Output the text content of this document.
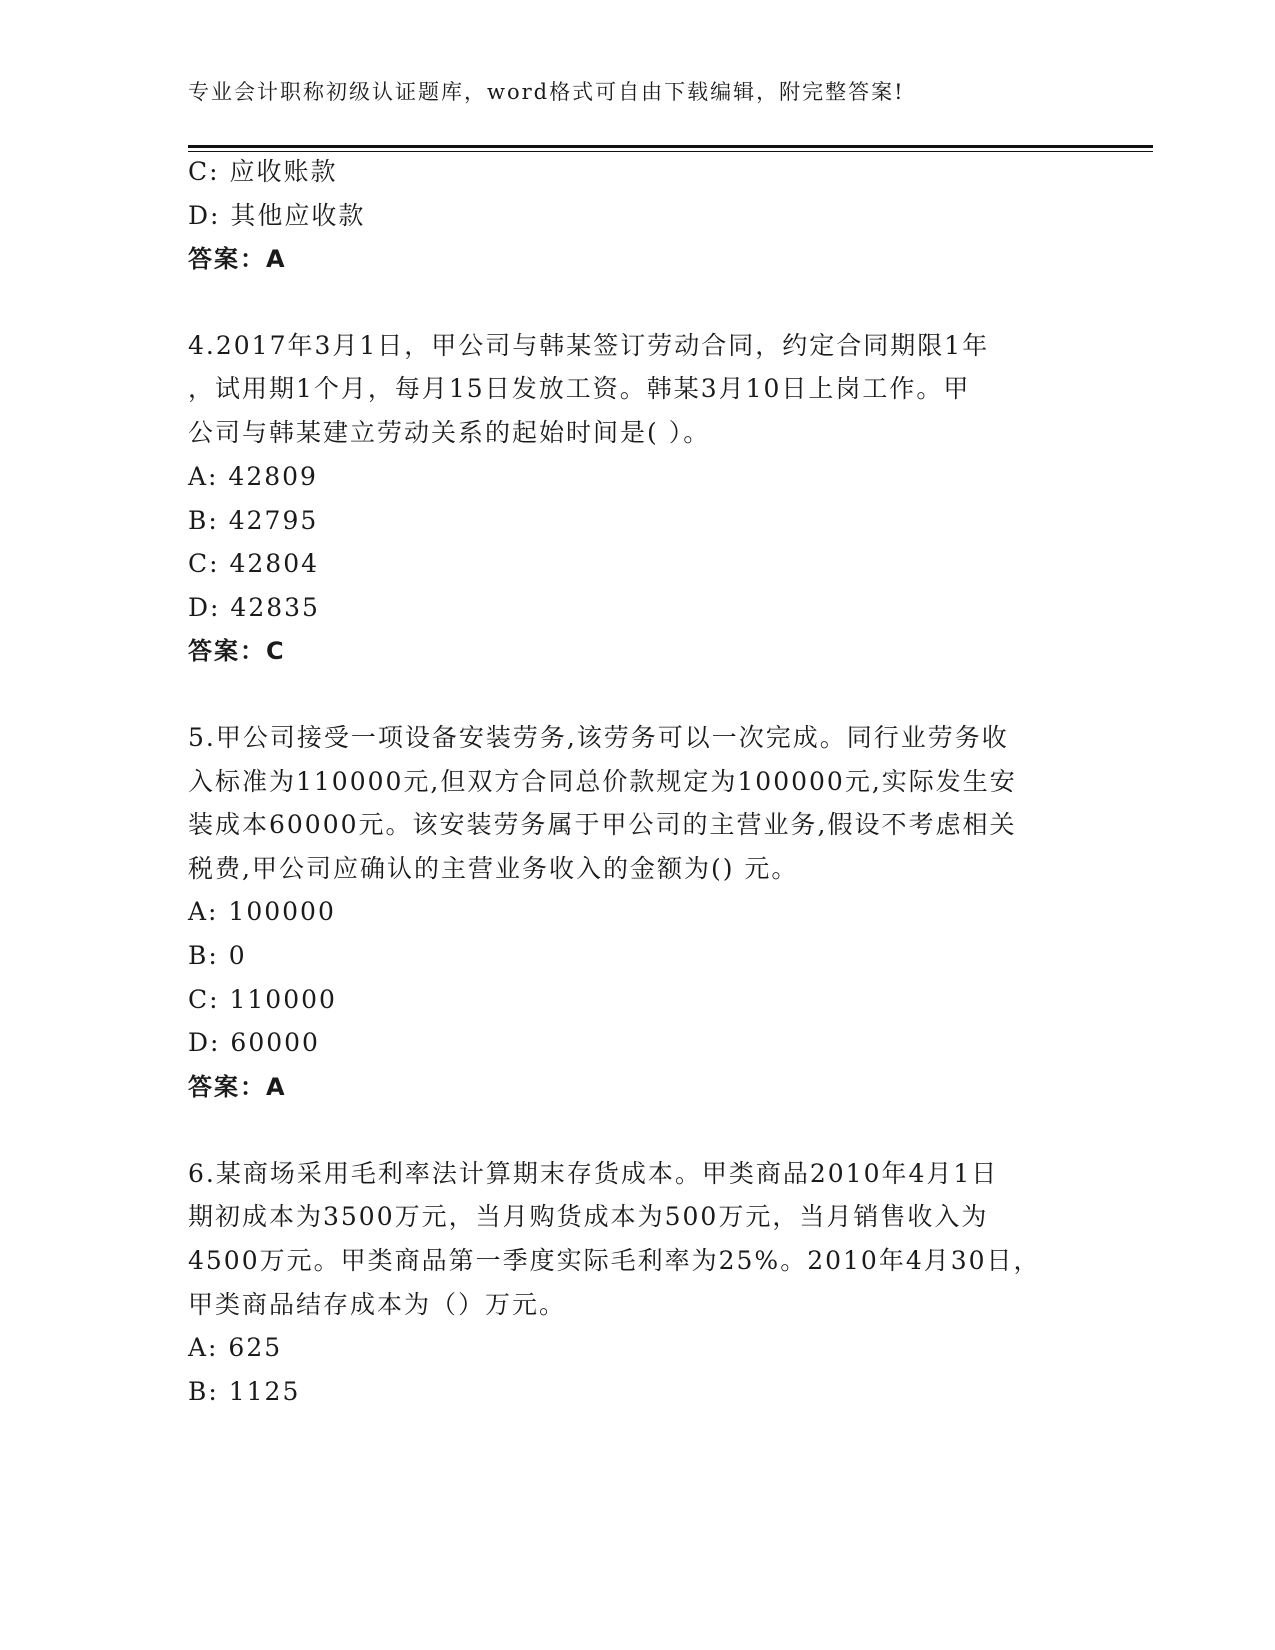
专业会计职称初级认证题库，word格式可自由下载编辑，附完整答案!
C: 应收账款
D: 其他应收款
答案：A
4.2017年3月1日，甲公司与韩某签订劳动合同，约定合同期限1年
，试用期1个月，每月15日发放工资。韩某3月10日上岗工作。甲
公司与韩某建立劳动关系的起始时间是( ）。
A: 42809
B: 42795
C: 42804
D: 42835
答案：C
5.甲公司接受一项设备安装劳务,该劳务可以一次完成。同行业劳务收
入标准为110000元,但双方合同总价款规定为100000元,实际发生安
装成本60000元。该安装劳务属于甲公司的主营业务,假设不考虑相关
税费,甲公司应确认的主营业务收入的金额为() 元。
A: 100000
B: 0
C: 110000
D: 60000
答案：A
6.某商场采用毛利率法计算期末存货成本。甲类商品2010年4月1日
期初成本为3500万元，当月购货成本为500万元，当月销售收入为
4500万元。甲类商品第一季度实际毛利率为25%。2010年4月30日，
甲类商品结存成本为（）万元。
A: 625
B: 1125
